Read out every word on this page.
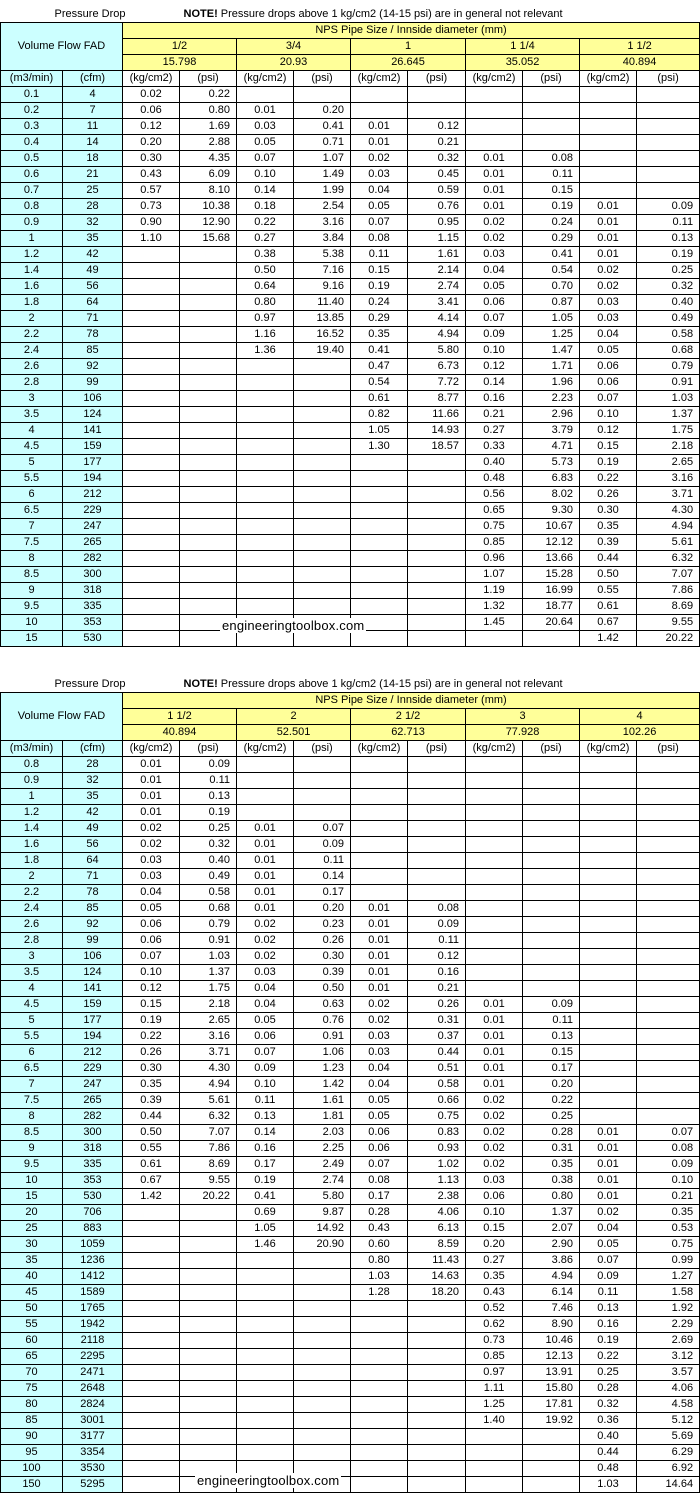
Pressure Drop			NOTE! Pressure drops above 1 kg/cm2 (14-15 psi) are in general not relevant								
Volume Flow FAD		NPS Pipe Size / Innside diameter (mm)									
		1/2		3/4		1		1 1/4		1 1/2	
		15.798		20.93		26.645		35.052		40.894	
(m3/min)	(cfm)	(kg/cm2)	(psi)	(kg/cm2)	(psi)	(kg/cm2)	(psi)	(kg/cm2)	(psi)	(kg/cm2)	(psi)
0.1	4	0.02	0.22								
0.2	7	0.06	0.80	0.01	0.20						
0.3	11	0.12	1.69	0.03	0.41	0.01	0.12				
0.4	14	0.20	2.88	0.05	0.71	0.01	0.21				
0.5	18	0.30	4.35	0.07	1.07	0.02	0.32	0.01	0.08		
0.6	21	0.43	6.09	0.10	1.49	0.03	0.45	0.01	0.11		
0.7	25	0.57	8.10	0.14	1.99	0.04	0.59	0.01	0.15		
0.8	28	0.73	10.38	0.18	2.54	0.05	0.76	0.01	0.19	0.01	0.09
0.9	32	0.90	12.90	0.22	3.16	0.07	0.95	0.02	0.24	0.01	0.11
1	35	1.10	15.68	0.27	3.84	0.08	1.15	0.02	0.29	0.01	0.13
1.2	42			0.38	5.38	0.11	1.61	0.03	0.41	0.01	0.19
1.4	49			0.50	7.16	0.15	2.14	0.04	0.54	0.02	0.25
1.6	56			0.64	9.16	0.19	2.74	0.05	0.70	0.02	0.32
1.8	64			0.80	11.40	0.24	3.41	0.06	0.87	0.03	0.40
2	71			0.97	13.85	0.29	4.14	0.07	1.05	0.03	0.49
2.2	78			1.16	16.52	0.35	4.94	0.09	1.25	0.04	0.58
2.4	85			1.36	19.40	0.41	5.80	0.10	1.47	0.05	0.68
2.6	92					0.47	6.73	0.12	1.71	0.06	0.79
2.8	99					0.54	7.72	0.14	1.96	0.06	0.91
3	106					0.61	8.77	0.16	2.23	0.07	1.03
3.5	124					0.82	11.66	0.21	2.96	0.10	1.37
4	141					1.05	14.93	0.27	3.79	0.12	1.75
4.5	159					1.30	18.57	0.33	4.71	0.15	2.18
5	177							0.40	5.73	0.19	2.65
5.5	194							0.48	6.83	0.22	3.16
6	212							0.56	8.02	0.26	3.71
6.5	229							0.65	9.30	0.30	4.30
7	247							0.75	10.67	0.35	4.94
7.5	265							0.85	12.12	0.39	5.61
8	282							0.96	13.66	0.44	6.32
8.5	300							1.07	15.28	0.50	7.07
9	318							1.19	16.99	0.55	7.86
9.5	335							1.32	18.77	0.61	8.69
10	353							1.45	20.64	0.67	9.55
15	530									1.42	20.22
engineeringtoolbox.com
Pressure Drop			NOTE! Pressure drops above 1 kg/cm2 (14-15 psi) are in general not relevant								
Volume Flow FAD		NPS Pipe Size / Innside diameter (mm)									
		1 1/2		2		2 1/2		3		4	
		40.894		52.501		62.713		77.928		102.26	
(m3/min)	(cfm)	(kg/cm2)	(psi)	(kg/cm2)	(psi)	(kg/cm2)	(psi)	(kg/cm2)	(psi)	(kg/cm2)	(psi)
0.8	28	0.01	0.09								
0.9	32	0.01	0.11								
1	35	0.01	0.13								
1.2	42	0.01	0.19								
1.4	49	0.02	0.25	0.01	0.07						
1.6	56	0.02	0.32	0.01	0.09						
1.8	64	0.03	0.40	0.01	0.11						
2	71	0.03	0.49	0.01	0.14						
2.2	78	0.04	0.58	0.01	0.17						
2.4	85	0.05	0.68	0.01	0.20	0.01	0.08				
2.6	92	0.06	0.79	0.02	0.23	0.01	0.09				
2.8	99	0.06	0.91	0.02	0.26	0.01	0.11				
3	106	0.07	1.03	0.02	0.30	0.01	0.12				
3.5	124	0.10	1.37	0.03	0.39	0.01	0.16				
4	141	0.12	1.75	0.04	0.50	0.01	0.21				
4.5	159	0.15	2.18	0.04	0.63	0.02	0.26	0.01	0.09		
5	177	0.19	2.65	0.05	0.76	0.02	0.31	0.01	0.11		
5.5	194	0.22	3.16	0.06	0.91	0.03	0.37	0.01	0.13		
6	212	0.26	3.71	0.07	1.06	0.03	0.44	0.01	0.15		
6.5	229	0.30	4.30	0.09	1.23	0.04	0.51	0.01	0.17		
7	247	0.35	4.94	0.10	1.42	0.04	0.58	0.01	0.20		
7.5	265	0.39	5.61	0.11	1.61	0.05	0.66	0.02	0.22		
8	282	0.44	6.32	0.13	1.81	0.05	0.75	0.02	0.25		
8.5	300	0.50	7.07	0.14	2.03	0.06	0.83	0.02	0.28	0.01	0.07
9	318	0.55	7.86	0.16	2.25	0.06	0.93	0.02	0.31	0.01	0.08
9.5	335	0.61	8.69	0.17	2.49	0.07	1.02	0.02	0.35	0.01	0.09
10	353	0.67	9.55	0.19	2.74	0.08	1.13	0.03	0.38	0.01	0.10
15	530	1.42	20.22	0.41	5.80	0.17	2.38	0.06	0.80	0.01	0.21
20	706			0.69	9.87	0.28	4.06	0.10	1.37	0.02	0.35
25	883			1.05	14.92	0.43	6.13	0.15	2.07	0.04	0.53
30	1059			1.46	20.90	0.60	8.59	0.20	2.90	0.05	0.75
35	1236					0.80	11.43	0.27	3.86	0.07	0.99
40	1412					1.03	14.63	0.35	4.94	0.09	1.27
45	1589					1.28	18.20	0.43	6.14	0.11	1.58
50	1765							0.52	7.46	0.13	1.92
55	1942							0.62	8.90	0.16	2.29
60	2118							0.73	10.46	0.19	2.69
65	2295							0.85	12.13	0.22	3.12
70	2471							0.97	13.91	0.25	3.57
75	2648							1.11	15.80	0.28	4.06
80	2824							1.25	17.81	0.32	4.58
85	3001							1.40	19.92	0.36	5.12
90	3177									0.40	5.69
95	3354									0.44	6.29
100	3530									0.48	6.92
150	5295									1.03	14.64
engineeringtoolbox.com
